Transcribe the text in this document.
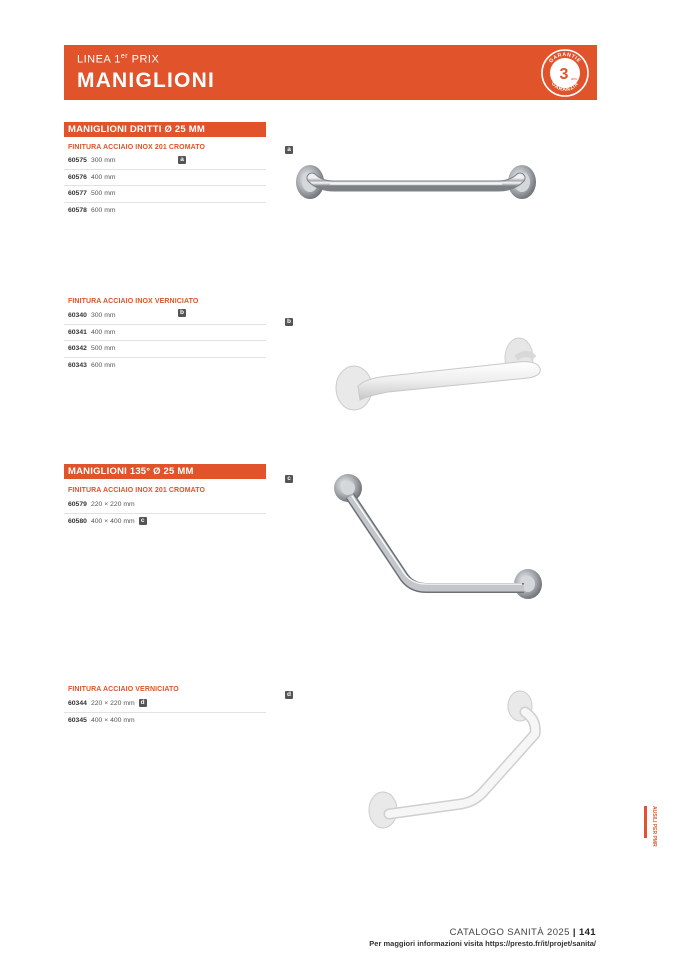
LINEA 1er PRIX
MANIGLIONI
GARANTIE
GARANZIA
3 ans
MANIGLIONI DRITTI Ø 25 MM
FINITURA ACCIAIO INOX 201 CROMATO
60575 300 mm	a
60576 400 mm
60577 500 mm
60578 600 mm
FINITURA ACCIAIO INOX VERNICIATO
60340 300 mm	b
60341 400 mm
60342 500 mm
60343 600 mm
MANIGLIONI 135° Ø 25 MM
FINITURA ACCIAIO INOX 201 CROMATO
60579 220 × 220 mm
60580 400 × 400 mm c
FINITURA ACCIAIO VERNICIATO
60344 220 × 220 mm d
60345 400 × 400 mm
a
b
c
d
AUSILI PER PMR
CATALOGO SANITÀ 2025 | 141
Per maggiori informazioni visita https://presto.fr/it/projet/sanita/
